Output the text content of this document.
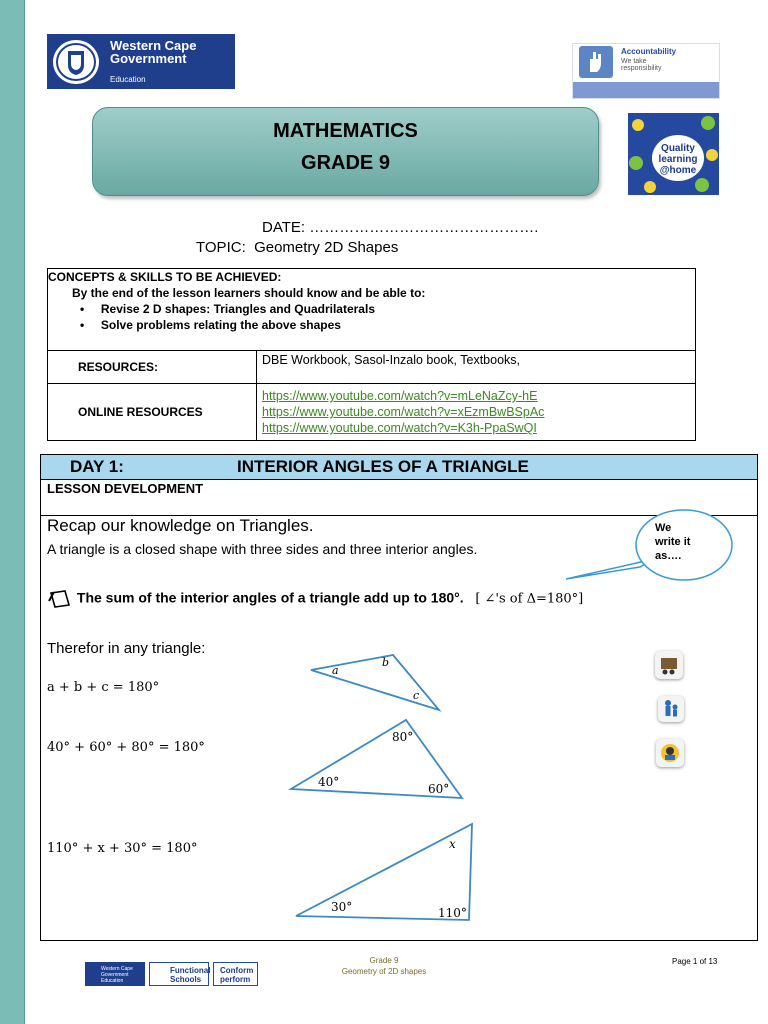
Western Cape
Government
Education
Accountability
We take
responsibility
MATHEMATICS
GRADE 9
Quality
learning
@home
DATE: ……………………………………….
TOPIC: Geometry 2D Shapes
CONCEPTS & SKILLS TO BE ACHIEVED:
By the end of the lesson learners should know and be able to:
•     Revise 2 D shapes: Triangles and Quadrilaterals
•     Solve problems relating the above shapes	

RESOURCES:	DBE Workbook, Sasol-Inzalo book, Textbooks,
ONLINE RESOURCES	https://www.youtube.com/watch?v=mLeNaZcy-hE
https://www.youtube.com/watch?v=xEzmBwBSpAc
https://www.youtube.com/watch?v=K3h-PpaSwQI
DAY 1:	INTERIOR ANGLES OF A TRIANGLE
LESSON DEVELOPMENT
Recap our knowledge on Triangles.
A triangle is a closed shape with three sides and three interior angles.
We
write it
as….
The sum of the interior angles of a triangle add up to 180°. [ ∠'s of Δ=180°]
Therefor in any triangle:
a + b + c = 180°
40° + 60° + 80° = 180°
110° + x + 30° = 180°
a
b
c
80°
40°	60°
x
30°	110°
Western Cape Government Education
Functional Schools
Conform perform
Grade 9
Geometry of 2D shapes
Page 1 of 13
